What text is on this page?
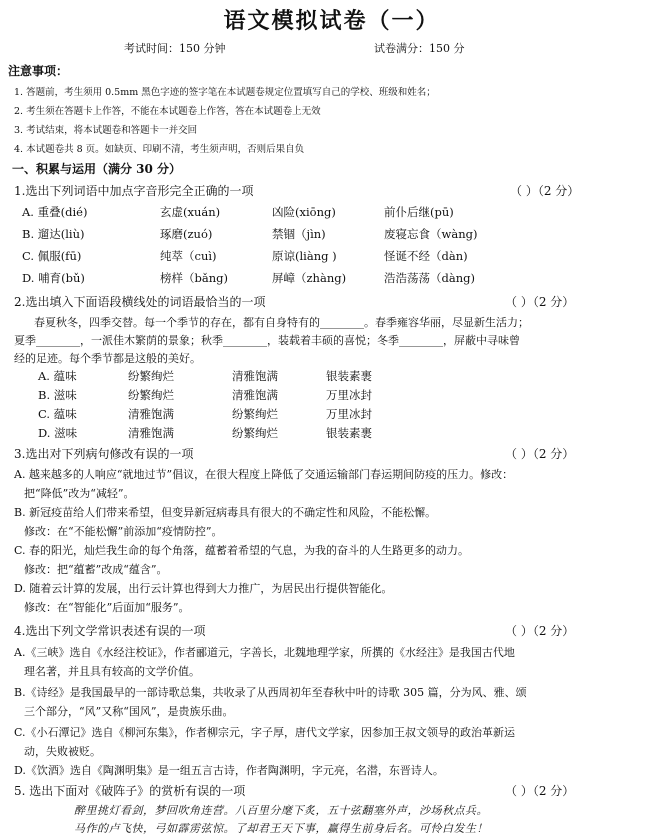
语文模拟试卷（一）
考试时间：150 分钟	试卷满分：150 分
注意事项：
1. 答题前，考生须用 0.5mm 黑色字迹的签字笔在本试题卷规定位置填写自己的学校、班级和姓名；
2. 考生须在答题卡上作答，不能在本试题卷上作答，答在本试题卷上无效
3. 考试结束，将本试题卷和答题卡一并交回
4. 本试题卷共 8 页。如缺页、印刷不清，考生须声明，否则后果自负
一、积累与运用（满分 30 分）
1.选出下列词语中加点字音形完全正确的一项	（ ）（2 分）
A. 重叠(dié)	玄虚(xuán)	凶险(xiōng)	前仆后继(pū)
B. 遛达(liù)	琢磨(zuó)	禁锢（jìn)	废寝忘食（wàng)
C. 佩服(fū)	纯萃（cuì)	原谅(liàng )	怪诞不经（dàn)
D. 哺育(bǔ)	榜样（bǎng)	屏嶂（zhàng)	浩浩荡荡（dàng)
2.选出填入下面语段横线处的词语最恰当的一项	（ ）（2 分）
春夏秋冬，四季交替。每一个季节的存在，都有自身特有的________。春季雍容华丽，尽显新生活力；
夏季________，一派佳木繁荫的景象；秋季________，装载着丰硕的喜悦；冬季________，屏蔽中寻味曾
经的足迹。每个季节都是这般的美好。
A. 蕴味	纷繁绚烂	清雅饱满	银装素裹
B. 滋味	纷繁绚烂	清雅饱满	万里冰封
C. 蕴味	清雅饱满	纷繁绚烂	万里冰封
D. 滋味	清雅饱满	纷繁绚烂	银装素裹
3.选出对下列病句修改有误的一项	（ ）（2 分）
A. 越来越多的人响应“就地过节”倡议，在很大程度上降低了交通运输部门春运期间防疫的压力。修改：
把“降低”改为“减轻”。
B. 新冠疫苗给人们带来希望，但变异新冠病毒具有很大的不确定性和风险，不能松懈。
修改：在“不能松懈”前添加“疫情防控”。
C. 春的阳光，灿烂我生命的每个角落，蕴蓄着希望的气息，为我的奋斗的人生路更多的动力。
修改：把“蕴蓄”改成“蕴含”。
D. 随着云计算的发展，出行云计算也得到大力推广，为居民出行提供智能化。
修改：在“智能化”后面加“服务”。
4.选出下列文学常识表述有误的一项	（ ）（2 分）
A.《三峡》选自《水经注校证》，作者郦道元，字善长，北魏地理学家，所撰的《水经注》是我国古代地
理名著，并且具有较高的文学价值。
B.《诗经》是我国最早的一部诗歌总集，共收录了从西周初年至春秋中叶的诗歌 305 篇，分为风、雅、颂
三个部分，“风”又称“国风”，是贵族乐曲。
C.《小石潭记》选自《柳河东集》，作者柳宗元，字子厚，唐代文学家，因参加王叔文领导的政治革新运
动，失败被贬。
D.《饮酒》选自《陶渊明集》是一组五言古诗，作者陶渊明，字元亮，名潜，东晋诗人。
5. 选出下面对《破阵子》的赏析有误的一项	（ ）（2 分）
醉里挑灯看剑，梦回吹角连营。八百里分麾下炙，五十弦翻塞外声，沙场秋点兵。
马作的卢飞快，弓如霹雳弦惊。了却君王天下事，赢得生前身后名。可怜白发生！
